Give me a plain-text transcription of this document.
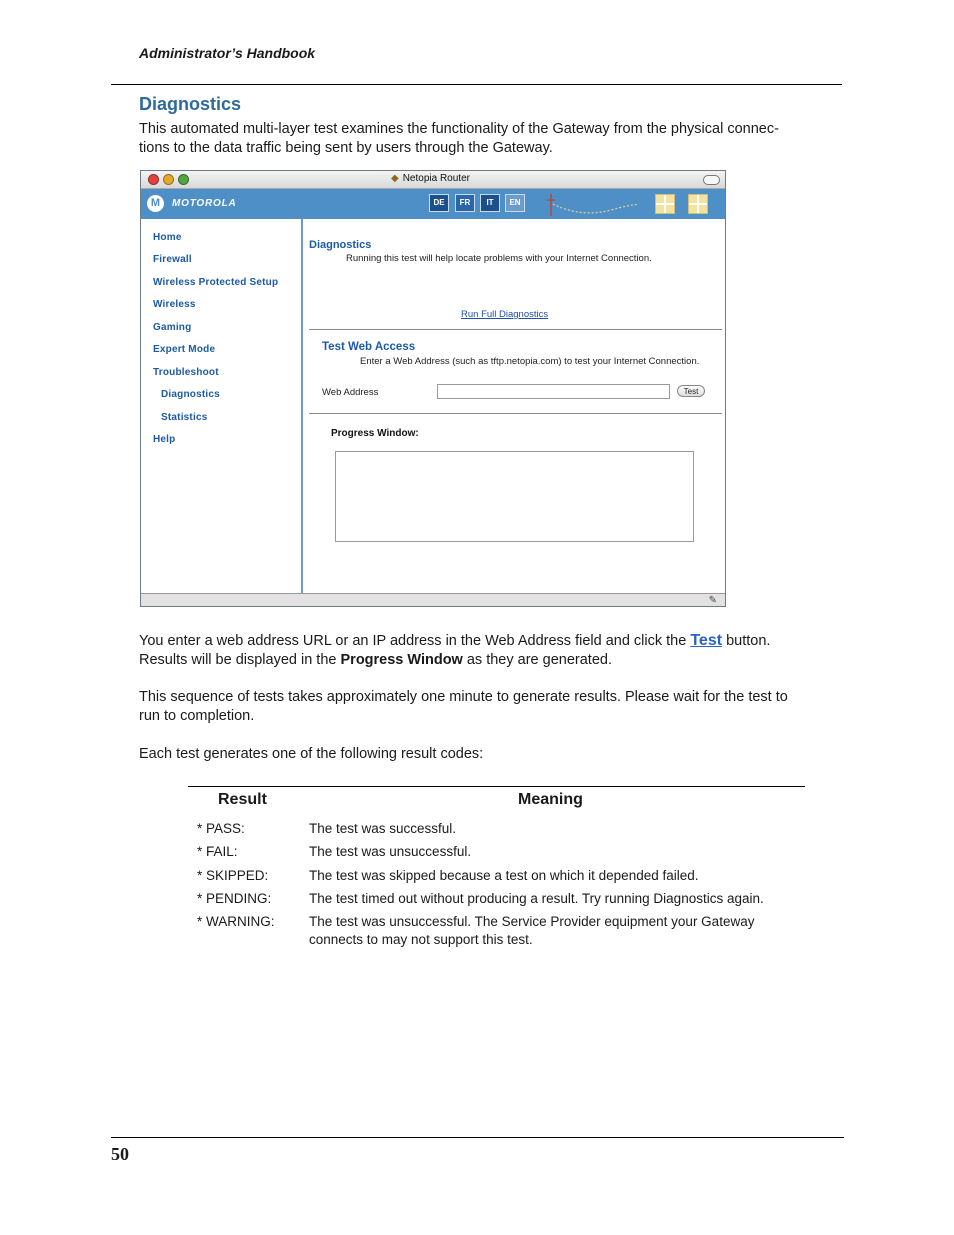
Administrator’s Handbook
Diagnostics
This automated multi-layer test examines the functionality of the Gateway from the physical connec-
tions to the data traffic being sent by users through the Gateway.
◆ Netopia Router
M	MOTOROLA	DE	FR	IT	EN
Home
Firewall
Wireless Protected Setup
Wireless
Gaming
Expert Mode
Troubleshoot
Diagnostics
Statistics
Help
Diagnostics
Running this test will help locate problems with your Internet Connection.
Run Full Diagnostics
Test Web Access
Enter a Web Address (such as tftp.netopia.com) to test your Internet Connection.
Web Address	Test
Progress Window:
✎
You enter a web address URL or an IP address in the Web Address field and click the Test button.
Results will be displayed in the Progress Window as they are generated.
This sequence of tests takes approximately one minute to generate results. Please wait for the test to
run to completion.
Each test generates one of the following result codes:
Result	Meaning
* PASS:	The test was successful.
* FAIL:	The test was unsuccessful.
* SKIPPED:	The test was skipped because a test on which it depended failed.
* PENDING:	The test timed out without producing a result. Try running Diagnostics again.
* WARNING:	The test was unsuccessful. The Service Provider equipment your Gateway
connects to may not support this test.
50
